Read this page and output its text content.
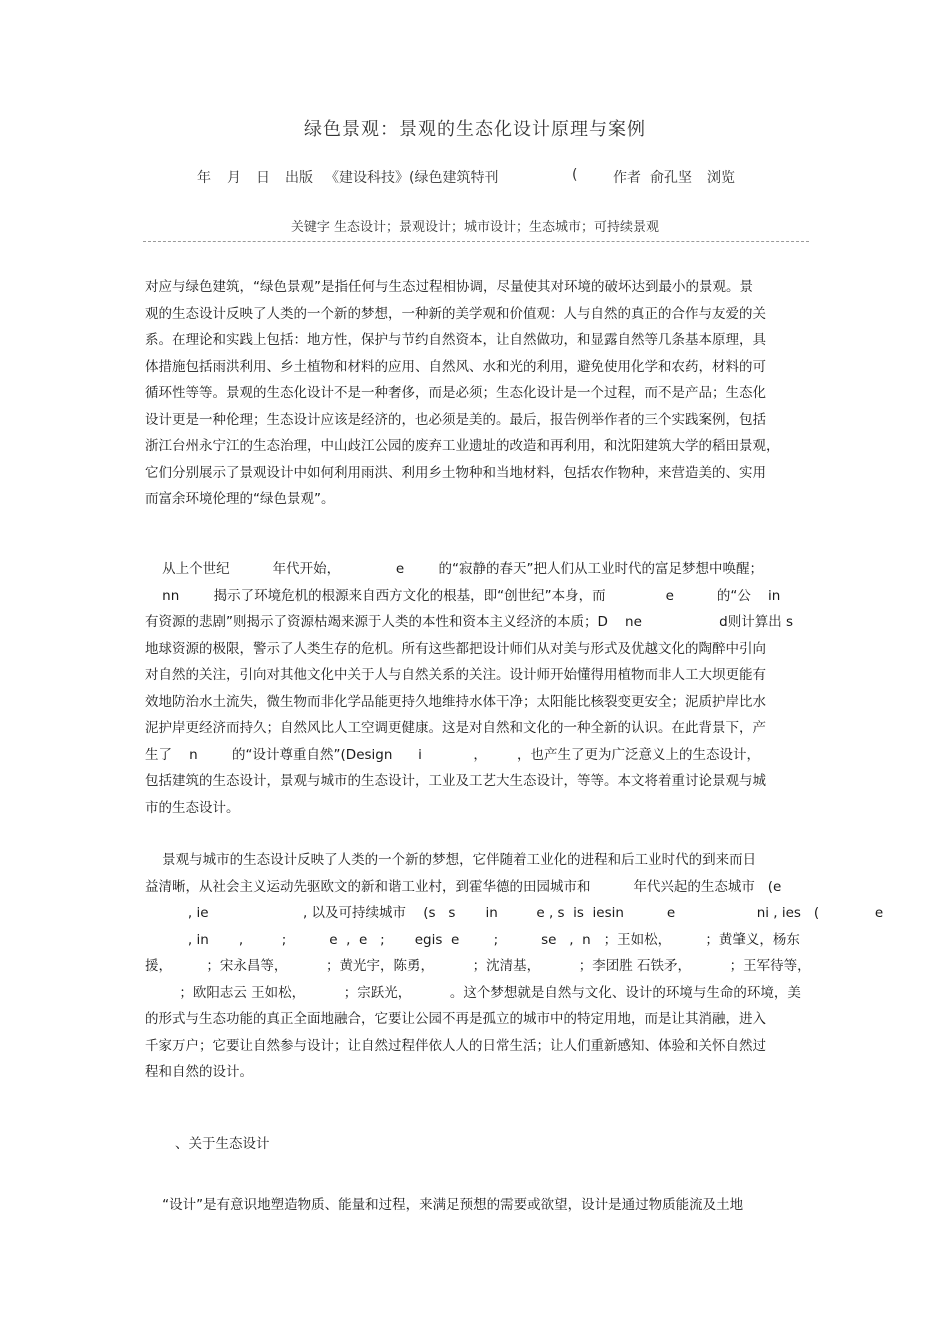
绿色景观：景观的生态化设计原理与案例
年 月 日 出版 《建设科技》(绿色建筑特刊	(	作者 俞孔坚 浏览
关键字 生态设计；景观设计；城市设计；生态城市；可持续景观
对应与绿色建筑，“绿色景观”是指任何与生态过程相协调，尽量使其对环境的破坏达到最小的景观。景
观的生态设计反映了人类的一个新的梦想，一种新的美学观和价值观：人与自然的真正的合作与友爱的关
系。在理论和实践上包括：地方性，保护与节约自然资本，让自然做功，和显露自然等几条基本原理，具
体措施包括雨洪利用、乡土植物和材料的应用、自然风、水和光的利用，避免使用化学和农药，材料的可
循环性等等。景观的生态化设计不是一种奢侈，而是必须；生态化设计是一个过程，而不是产品；生态化
设计更是一种伦理；生态设计应该是经济的，也必须是美的。最后，报告例举作者的三个实践案例，包括
浙江台州永宁江的生态治理，中山歧江公园的废弃工业遗址的改造和再利用，和沈阳建筑大学的稻田景观，
它们分别展示了景观设计中如何利用雨洪、利用乡土物种和当地材料，包括农作物种，来营造美的、实用
而富余环境伦理的“绿色景观”。
从上个世纪          年代开始，             e        的“寂静的春天”把人们从工业时代的富足梦想中唤醒；
nn        揭示了环境危机的根源来自西方文化的根基，即“创世纪”本身，而              e          的“公    in
有资源的悲剧”则揭示了资源枯竭来源于人类的本性和资本主义经济的本质；D    ne                  d则计算出 s
地球资源的极限，警示了人类生存的危机。所有这些都把设计师们从对美与形式及优越文化的陶醉中引向
对自然的关注，引向对其他文化中关于人与自然关系的关注。设计师开始懂得用植物而非人工大坝更能有
效地防治水土流失，微生物而非化学品能更持久地维持水体干净；太阳能比核裂变更安全；泥质护岸比水
泥护岸更经济而持久；自然风比人工空调更健康。这是对自然和文化的一种全新的认识。在此背景下，产
生了    n        的“设计尊重自然”(Design      i            ，       ，也产生了更为广泛意义上的生态设计，
包括建筑的生态设计，景观与城市的生态设计，工业及工艺大生态设计，等等。本文将着重讨论景观与城
市的生态设计。
景观与城市的生态设计反映了人类的一个新的梦想，它伴随着工业化的进程和后工业时代的到来而日
益清晰，从社会主义运动先驱欧文的新和谐工业村，到霍华德的田园城市和          年代兴起的生态城市   (e
, ie                      , 以及可持续城市    (s   s       in         e , s  is  iesin          e                   ni , ies   (             e
, in       ,         ;          e  ,  e   ;       egis  e        ;          se   ,  n   ；王如松，        ；黄肇义，杨东
援，        ；宋永昌等，         ；黄光宇，陈勇，         ；沈清基，         ；李团胜 石铁矛，         ；王军待等，
；欧阳志云 王如松，         ；宗跃光，         。这个梦想就是自然与文化、设计的环境与生命的环境，美
的形式与生态功能的真正全面地融合，它要让公园不再是孤立的城市中的特定用地，而是让其消融，进入
千家万户；它要让自然参与设计；让自然过程伴依人人的日常生活；让人们重新感知、体验和关怀自然过
程和自然的设计。
、关于生态设计
“设计”是有意识地塑造物质、能量和过程，来满足预想的需要或欲望，设计是通过物质能流及土地
